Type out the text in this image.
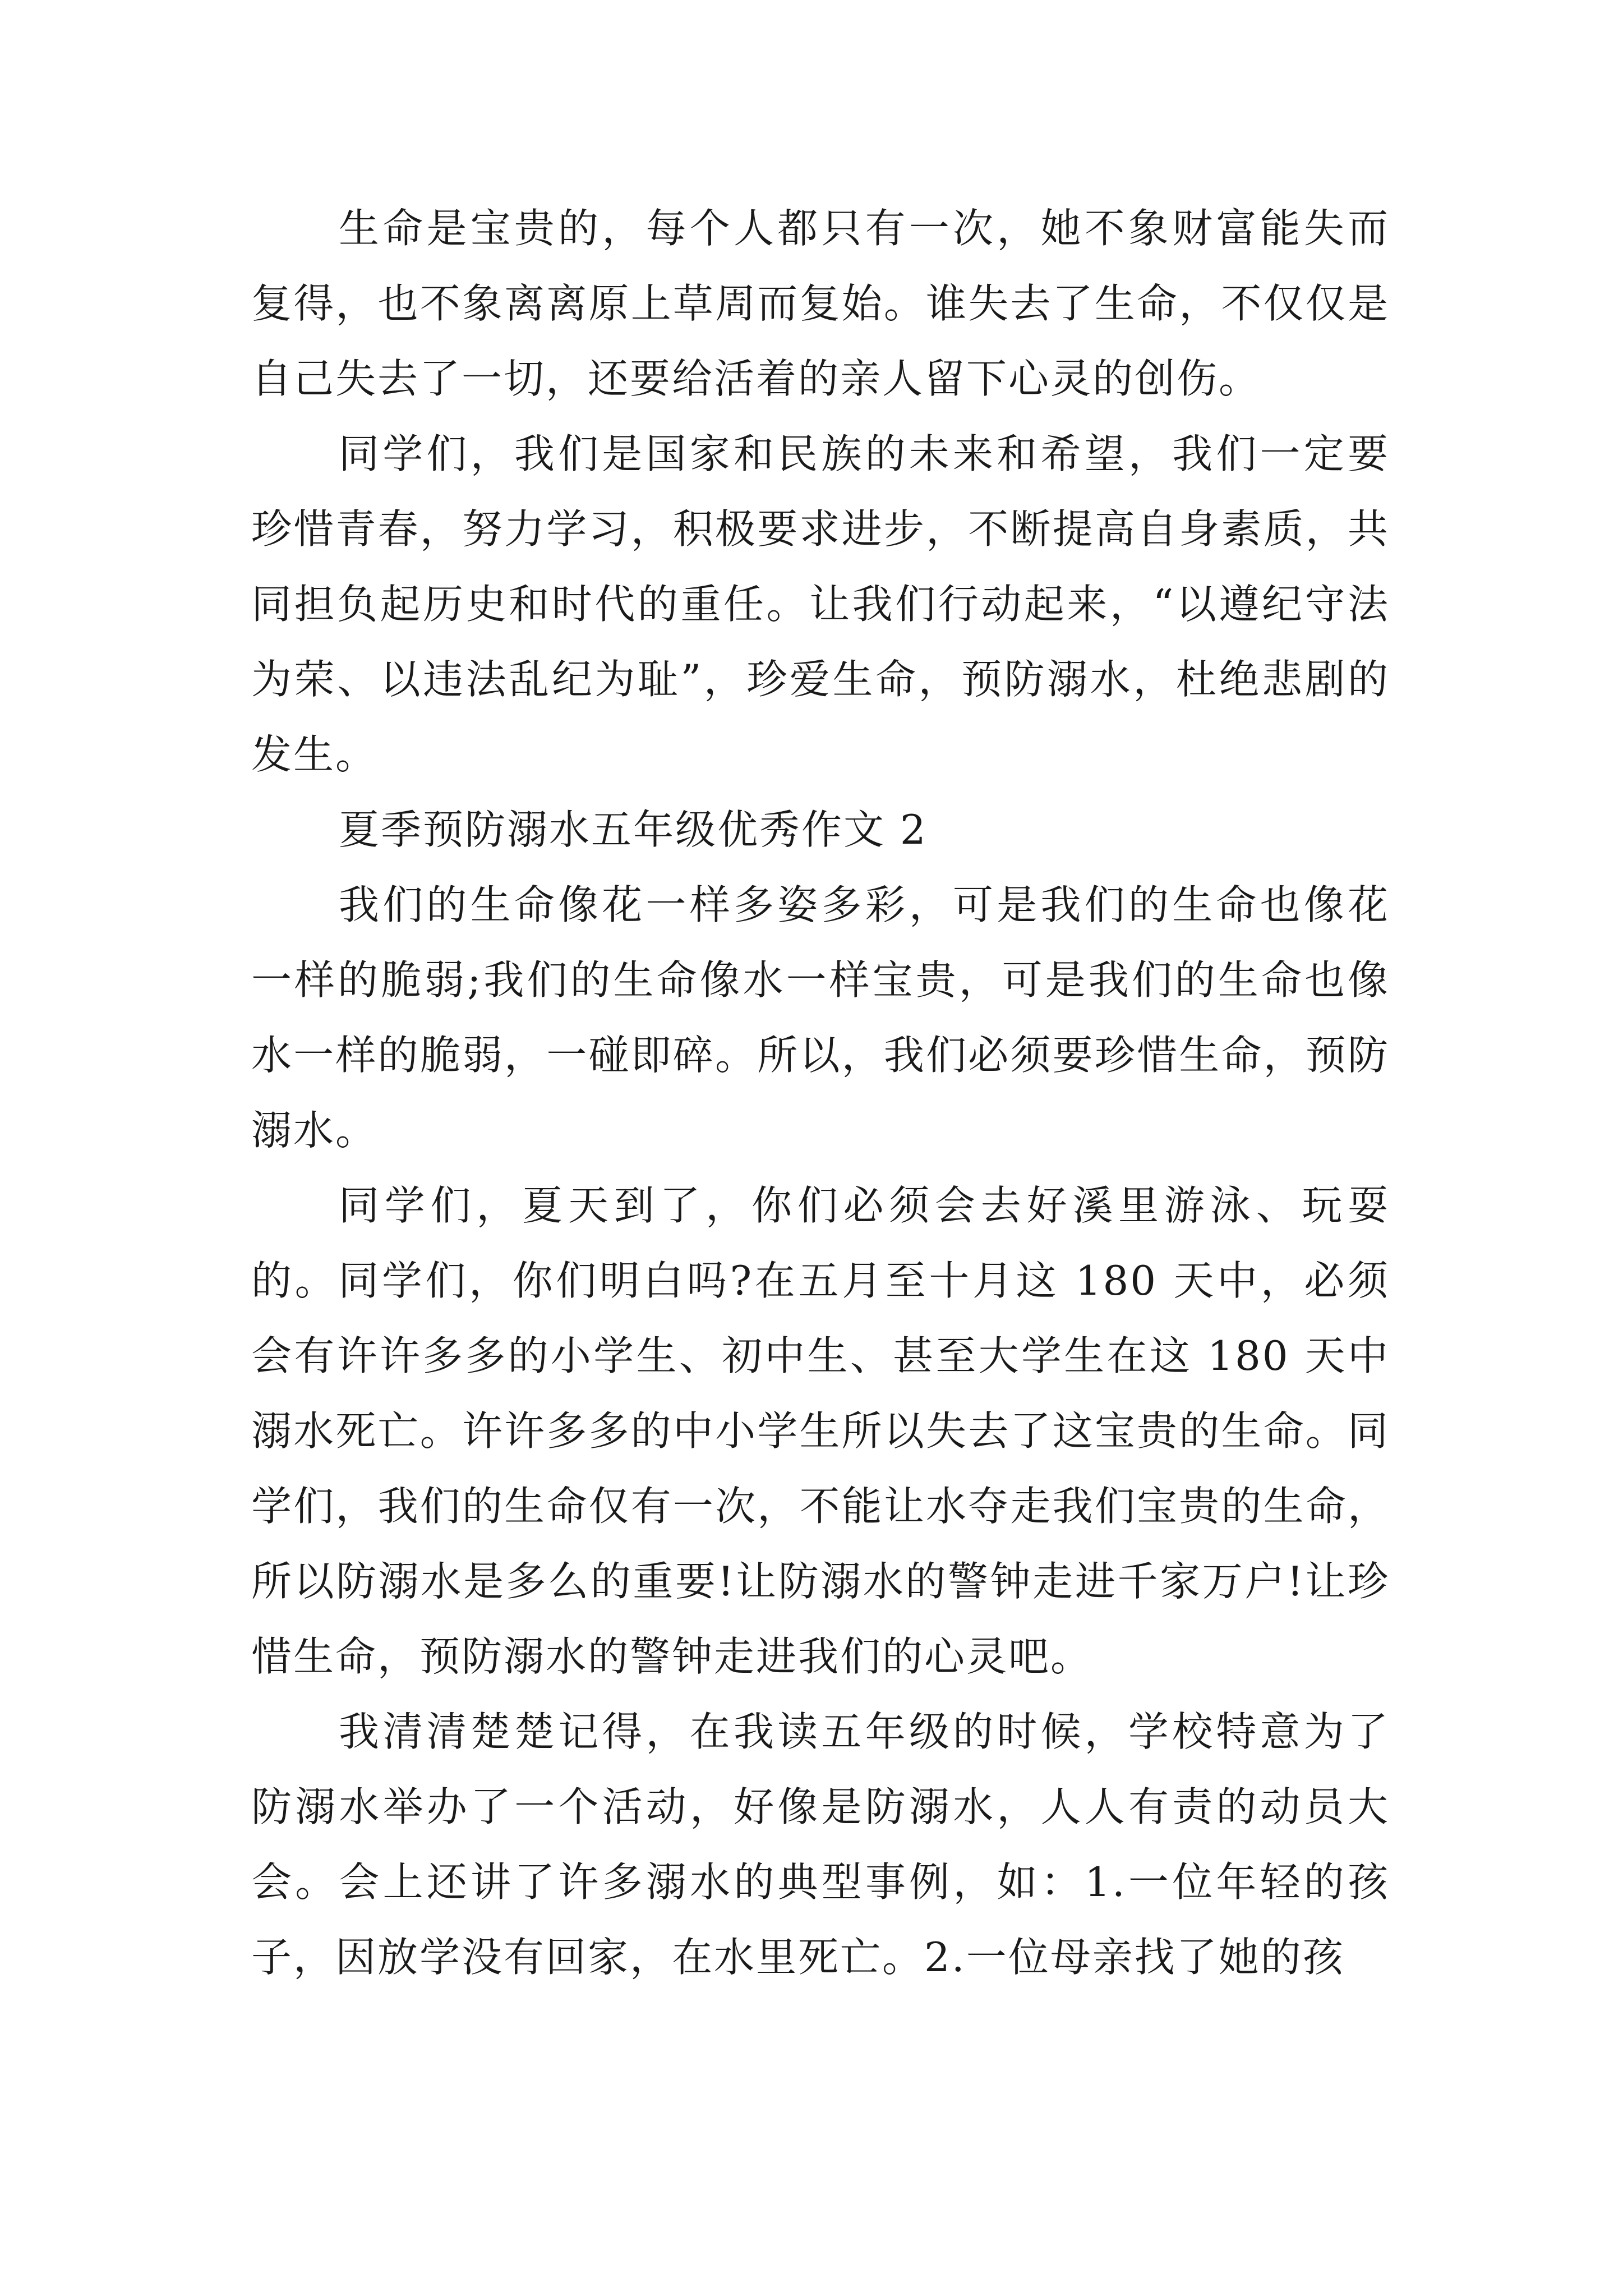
生命是宝贵的，每个人都只有一次，她不象财富能失而复得，也不象离离原上草周而复始。谁失去了生命，不仅仅是自己失去了一切，还要给活着的亲人留下心灵的创伤。

同学们，我们是国家和民族的未来和希望，我们一定要珍惜青春，努力学习，积极要求进步，不断提高自身素质，共同担负起历史和时代的重任。让我们行动起来，“以遵纪守法为荣、以违法乱纪为耻”，珍爱生命，预防溺水，杜绝悲剧的发生。

夏季预防溺水五年级优秀作文 2

我们的生命像花一样多姿多彩，可是我们的生命也像花一样的脆弱;我们的生命像水一样宝贵，可是我们的生命也像水一样的脆弱，一碰即碎。所以，我们必须要珍惜生命，预防溺水。

同学们，夏天到了，你们必须会去好溪里游泳、玩耍的。同学们，你们明白吗?在五月至十月这 180 天中，必须会有许许多多的小学生、初中生、甚至大学生在这 180 天中溺水死亡。许许多多的中小学生所以失去了这宝贵的生命。同学们，我们的生命仅有一次，不能让水夺走我们宝贵的生命，所以防溺水是多么的重要!让防溺水的警钟走进千家万户!让珍惜生命，预防溺水的警钟走进我们的心灵吧。

我清清楚楚记得，在我读五年级的时候，学校特意为了防溺水举办了一个活动，好像是防溺水，人人有责的动员大会。会上还讲了许多溺水的典型事例，如：1.一位年轻的孩子，因放学没有回家，在水里死亡。2.一位母亲找了她的孩
